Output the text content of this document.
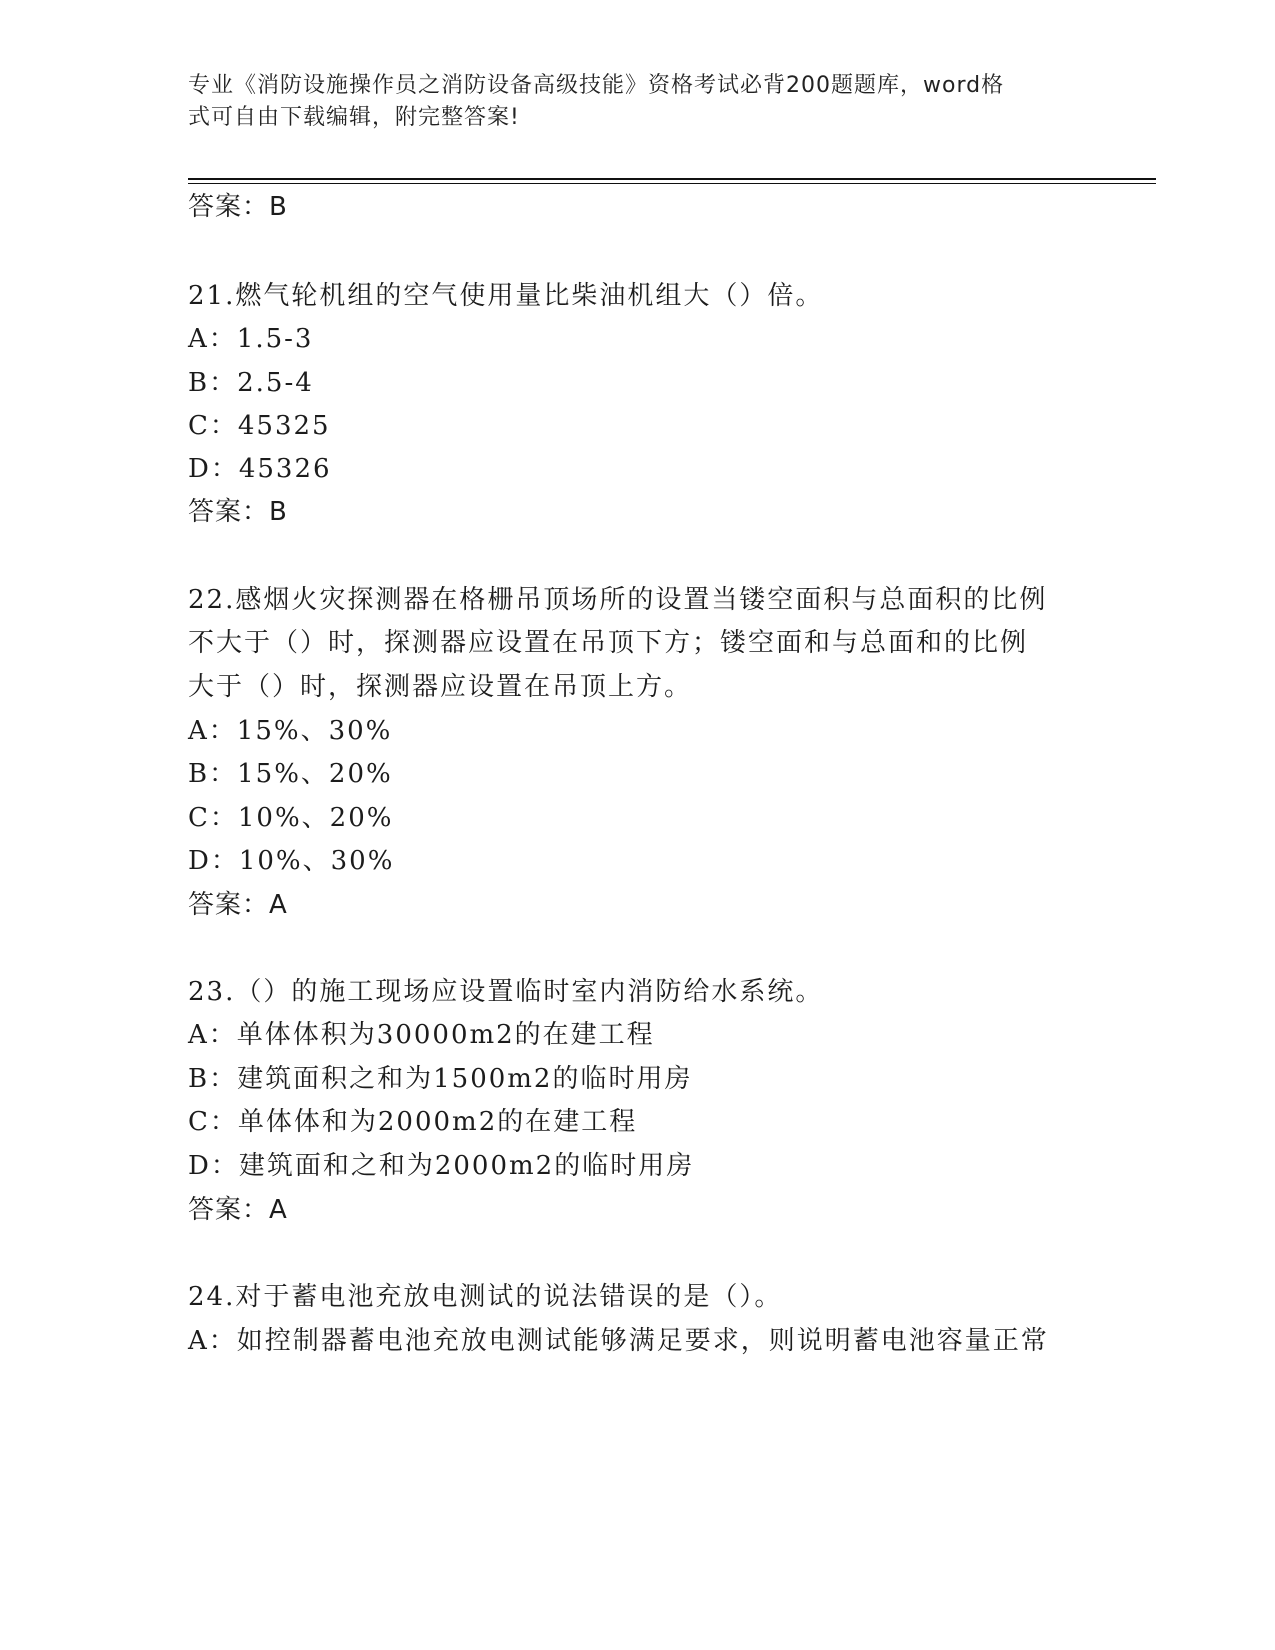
专业《消防设施操作员之消防设备高级技能》资格考试必背200题题库，word格
式可自由下载编辑，附完整答案!
答案：B
21.燃气轮机组的空气使用量比柴油机组大（）倍。
A：1.5-3
B：2.5-4
C：45325
D：45326
答案：B
22.感烟火灾探测器在格栅吊顶场所的设置当镂空面积与总面积的比例
不大于（）时，探测器应设置在吊顶下方；镂空面和与总面和的比例
大于（）时，探测器应设置在吊顶上方。
A：15%、30%
B：15%、20%
C：10%、20%
D：10%、30%
答案：A
23.（）的施工现场应设置临时室内消防给水系统。
A：单体体积为30000m2的在建工程
B：建筑面积之和为1500m2的临时用房
C：单体体和为2000m2的在建工程
D：建筑面和之和为2000m2的临时用房
答案：A
24.对于蓄电池充放电测试的说法错误的是（）。
A：如控制器蓄电池充放电测试能够满足要求，则说明蓄电池容量正常
